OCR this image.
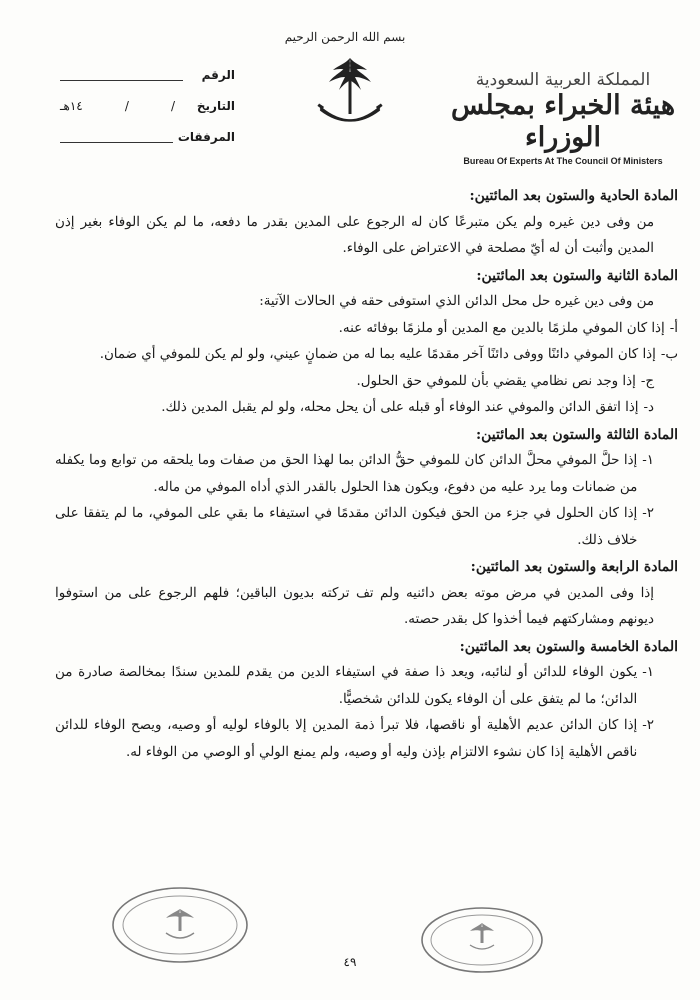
بسم الله الرحمن الرحيم
الرقم
التاريخ
/
/
١٤هـ
المرفقات
المملكة العربية السعودية
هيئة الخبراء بمجلس الوزراء
Bureau Of Experts At The Council Of Ministers
المادة الحادية والستون بعد المائتين:
من وفى دين غيره ولم يكن متبرعًا كان له الرجوع على المدين بقدر ما دفعه، ما لم يكن الوفاء بغير إذن المدين وأثبت أن له أيّ مصلحة في الاعتراض على الوفاء.
المادة الثانية والستون بعد المائتين:
من وفى دين غيره حل محل الدائن الذي استوفى حقه في الحالات الآتية:
أ-
إذا كان الموفي ملزمًا بالدين مع المدين أو ملزمًا بوفائه عنه.
ب-
إذا كان الموفي دائنًا ووفى دائنًا آخر مقدمًا عليه بما له من ضمانٍ عيني، ولو لم يكن للموفي أي ضمان.
ج-
إذا وجد نص نظامي يقضي بأن للموفي حق الحلول.
د-
إذا اتفق الدائن والموفي عند الوفاء أو قبله على أن يحل محله، ولو لم يقبل المدين ذلك.
المادة الثالثة والستون بعد المائتين:
١-
إذا حلَّ الموفي محلَّ الدائن كان للموفي حقُّ الدائن بما لهذا الحق من صفات وما يلحقه من توابع وما يكفله من ضمانات وما يرد عليه من دفوع، ويكون هذا الحلول بالقدر الذي أداه الموفي من ماله.
٢-
إذا كان الحلول في جزء من الحق فيكون الدائن مقدمًا في استيفاء ما بقي على الموفي، ما لم يتفقا على خلاف ذلك.
المادة الرابعة والستون بعد المائتين:
إذا وفى المدين في مرض موته بعض دائنيه ولم تف تركته بديون الباقين؛ فلهم الرجوع على من استوفوا ديونهم ومشاركتهم فيما أخذوا كل بقدر حصته.
المادة الخامسة والستون بعد المائتين:
١-
يكون الوفاء للدائن أو لنائبه، ويعد ذا صفة في استيفاء الدين من يقدم للمدين سندًا بمخالصة صادرة من الدائن؛ ما لم يتفق على أن الوفاء يكون للدائن شخصيًّا.
٢-
إذا كان الدائن عديم الأهلية أو ناقصها، فلا تبرأ ذمة المدين إلا بالوفاء لوليه أو وصيه، ويصح الوفاء للدائن ناقص الأهلية إذا كان نشوء الالتزام بإذن وليه أو وصيه، ولم يمنع الولي أو الوصي من الوفاء له.
٤٩
